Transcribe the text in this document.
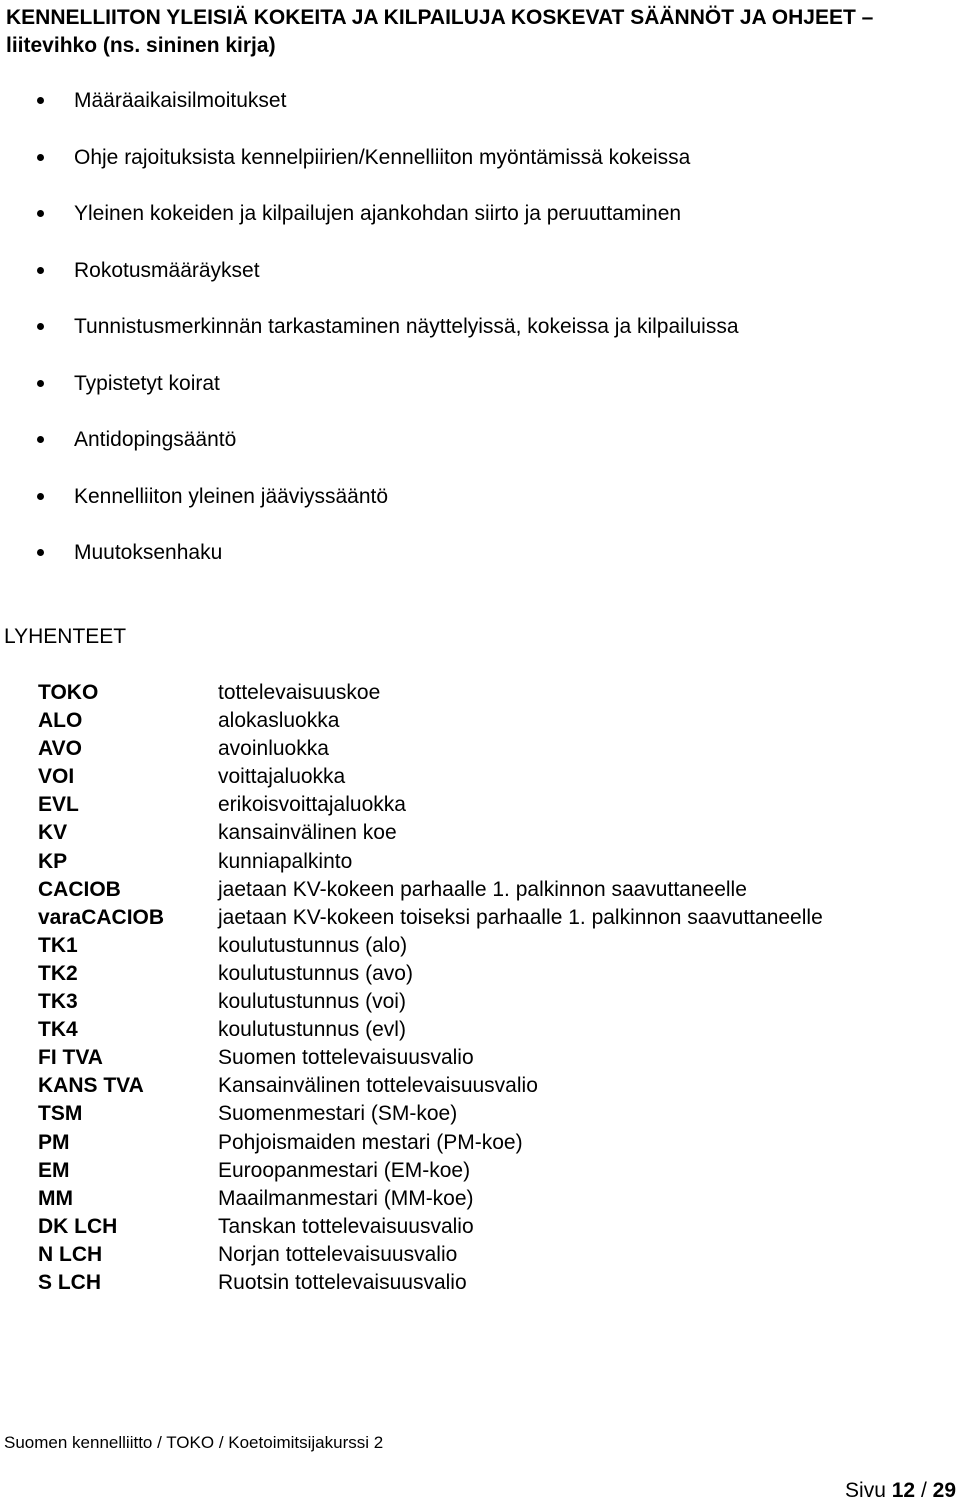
KENNELLIITON YLEISIÄ KOKEITA JA KILPAILUJA KOSKEVAT SÄÄNNÖT JA OHJEET – liitevihko (ns. sininen kirja)
Määräaikaisilmoitukset
Ohje rajoituksista kennelpiirien/Kennelliiton myöntämissä kokeissa
Yleinen kokeiden ja kilpailujen ajankohdan siirto ja peruuttaminen
Rokotusmääräykset
Tunnistusmerkinnän tarkastaminen näyttelyissä, kokeissa ja kilpailuissa
Typistetyt koirat
Antidopingsääntö
Kennelliiton yleinen jääviyssääntö
Muutoksenhaku
LYHENTEET
TOKO	tottelevaisuuskoe
ALO	alokasluokka
AVO	avoinluokka
VOI	voittajaluokka
EVL	erikoisvoittajaluokka
KV	kansainvälinen koe
KP	kunniapalkinto
CACIOB	jaetaan KV-kokeen parhaalle 1. palkinnon saavuttaneelle
varaCACIOB	jaetaan KV-kokeen toiseksi parhaalle 1. palkinnon saavuttaneelle
TK1	koulutustunnus (alo)
TK2	koulutustunnus (avo)
TK3	koulutustunnus (voi)
TK4	koulutustunnus (evl)
FI TVA	Suomen tottelevaisuusvalio
KANS TVA	Kansainvälinen tottelevaisuusvalio
TSM	Suomenmestari (SM-koe)
PM	Pohjoismaiden mestari (PM-koe)
EM	Euroopanmestari (EM-koe)
MM	Maailmanmestari (MM-koe)
DK LCH	Tanskan tottelevaisuusvalio
N LCH	Norjan tottelevaisuusvalio
S LCH	Ruotsin tottelevaisuusvalio
Suomen kennelliitto / TOKO / Koetoimitsijakurssi 2
Sivu 12 / 29
